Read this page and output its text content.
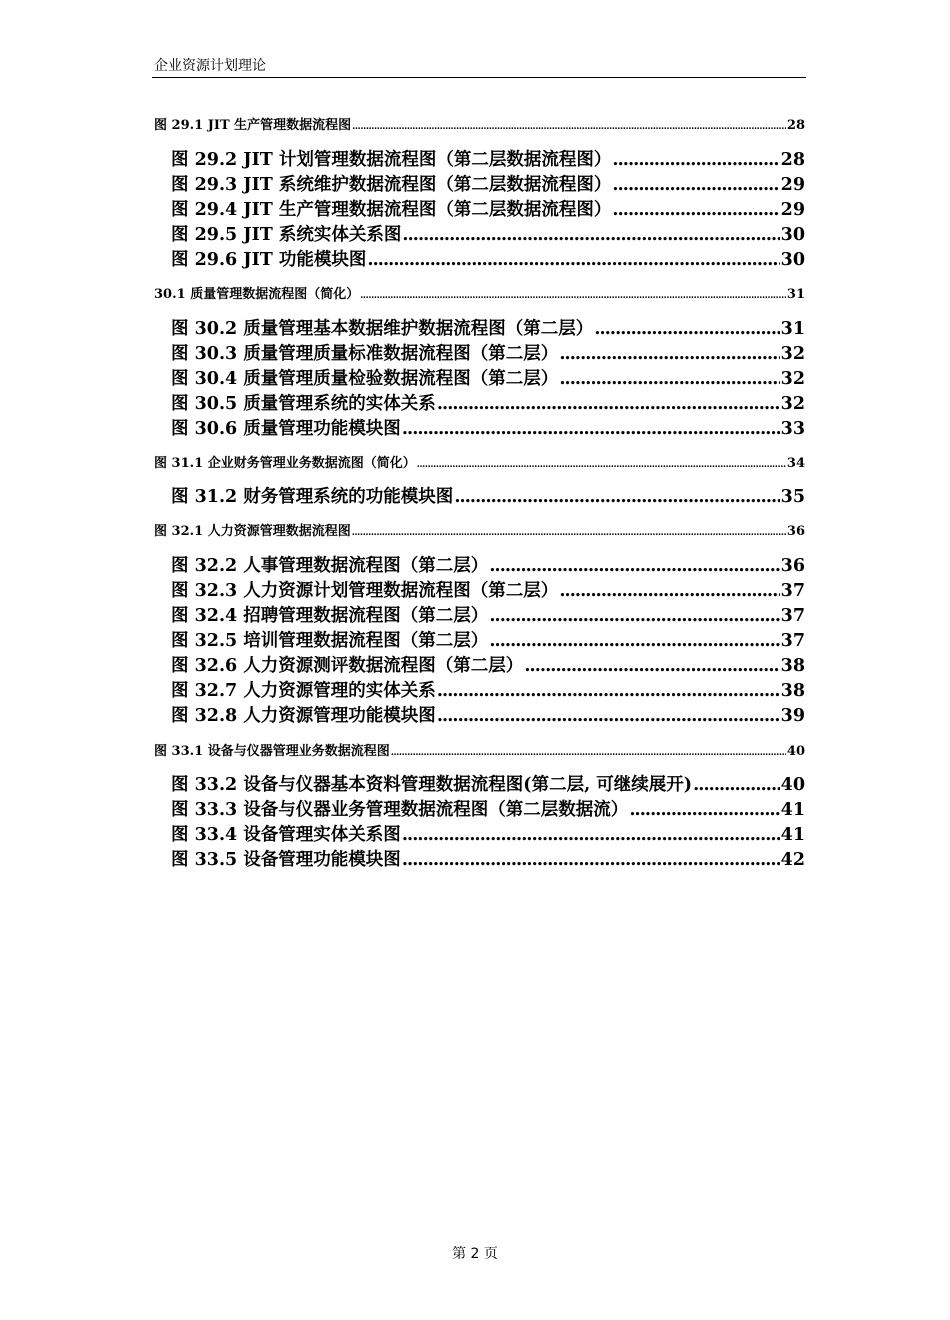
企业资源计划理论
图 29.1 JIT 生产管理数据流程图 .....	28
图 29.2 JIT 计划管理数据流程图（第二层数据流程图） .....	28
图 29.3 JIT 系统维护数据流程图（第二层数据流程图） .....	29
图 29.4 JIT 生产管理数据流程图（第二层数据流程图） .....	29
图 29.5 JIT 系统实体关系图 .....	30
图 29.6 JIT 功能模块图 .....	30
30.1 质量管理数据流程图（简化） .....	31
图 30.2 质量管理基本数据维护数据流程图（第二层） .....	31
图 30.3 质量管理质量标准数据流程图（第二层） .....	32
图 30.4 质量管理质量检验数据流程图（第二层） .....	32
图 30.5 质量管理系统的实体关系 .....	32
图 30.6 质量管理功能模块图 .....	33
图 31.1 企业财务管理业务数据流图（简化） .....	34
图 31.2 财务管理系统的功能模块图 .....	35
图 32.1 人力资源管理数据流程图 .....	36
图 32.2 人事管理数据流程图（第二层） .....	36
图 32.3 人力资源计划管理数据流程图（第二层） .....	37
图 32.4 招聘管理数据流程图（第二层） .....	37
图 32.5 培训管理数据流程图（第二层） .....	37
图 32.6 人力资源测评数据流程图（第二层） .....	38
图 32.7 人力资源管理的实体关系 .....	38
图 32.8 人力资源管理功能模块图 .....	39
图 33.1 设备与仪器管理业务数据流程图 .....	40
图 33.2 设备与仪器基本资料管理数据流程图(第二层, 可继续展开) .....	40
图 33.3 设备与仪器业务管理数据流程图（第二层数据流） .....	41
图 33.4 设备管理实体关系图 .....	41
图 33.5 设备管理功能模块图 .....	42
第 2 页
